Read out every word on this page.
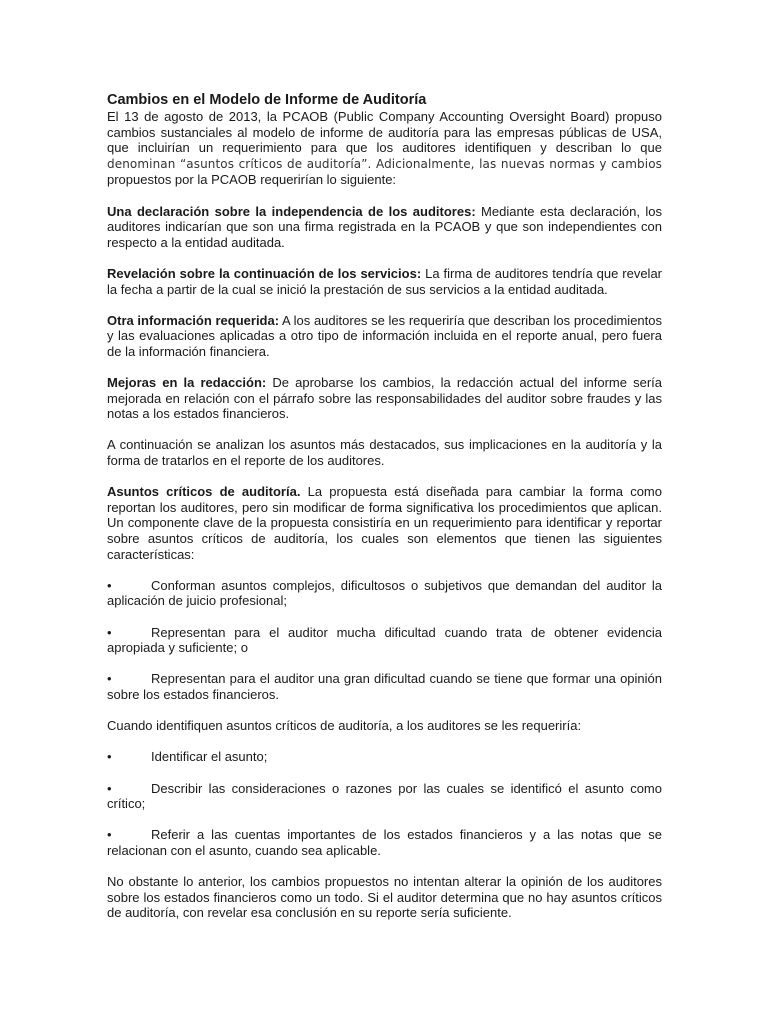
Cambios en el Modelo de Informe de Auditoría

El 13 de agosto de 2013, la PCAOB (Public Company Accounting Oversight Board) propuso cambios sustanciales al modelo de informe de auditoría para las empresas públicas de USA, que incluirían un requerimiento para que los auditores identifiquen y describan lo que denominan “asuntos críticos de auditoría”. Adicionalmente, las nuevas normas y cambios propuestos por la PCAOB requerirían lo siguiente:

Una declaración sobre la independencia de los auditores: Mediante esta declaración, los auditores indicarían que son una firma registrada en la PCAOB y que son independientes con respecto a la entidad auditada.

Revelación sobre la continuación de los servicios: La firma de auditores tendría que revelar la fecha a partir de la cual se inició la prestación de sus servicios a la entidad auditada.

Otra información requerida: A los auditores se les requeriría que describan los procedimientos y las evaluaciones aplicadas a otro tipo de información incluida en el reporte anual, pero fuera de la información financiera.

Mejoras en la redacción: De aprobarse los cambios, la redacción actual del informe sería mejorada en relación con el párrafo sobre las responsabilidades del auditor sobre fraudes y las notas a los estados financieros.

A continuación se analizan los asuntos más destacados, sus implicaciones en la auditoría y la forma de tratarlos en el reporte de los auditores.

Asuntos críticos de auditoría. La propuesta está diseñada para cambiar la forma como reportan los auditores, pero sin modificar de forma significativa los procedimientos que aplican. Un componente clave de la propuesta consistiría en un requerimiento para identificar y reportar sobre asuntos críticos de auditoría, los cuales son elementos que tienen las siguientes características:

•	Conforman asuntos complejos, dificultosos o subjetivos que demandan del auditor la aplicación de juicio profesional;

•	Representan para el auditor mucha dificultad cuando trata de obtener evidencia apropiada y suficiente; o

•	Representan para el auditor una gran dificultad cuando se tiene que formar una opinión sobre los estados financieros.

Cuando identifiquen asuntos críticos de auditoría, a los auditores se les requeriría:

•	Identificar el asunto;

•	Describir las consideraciones o razones por las cuales se identificó el asunto como crítico;

•	Referir a las cuentas importantes de los estados financieros y a las notas que se relacionan con el asunto, cuando sea aplicable.

No obstante lo anterior, los cambios propuestos no intentan alterar la opinión de los auditores sobre los estados financieros como un todo. Si el auditor determina que no hay asuntos críticos de auditoría, con revelar esa conclusión en su reporte sería suficiente.
